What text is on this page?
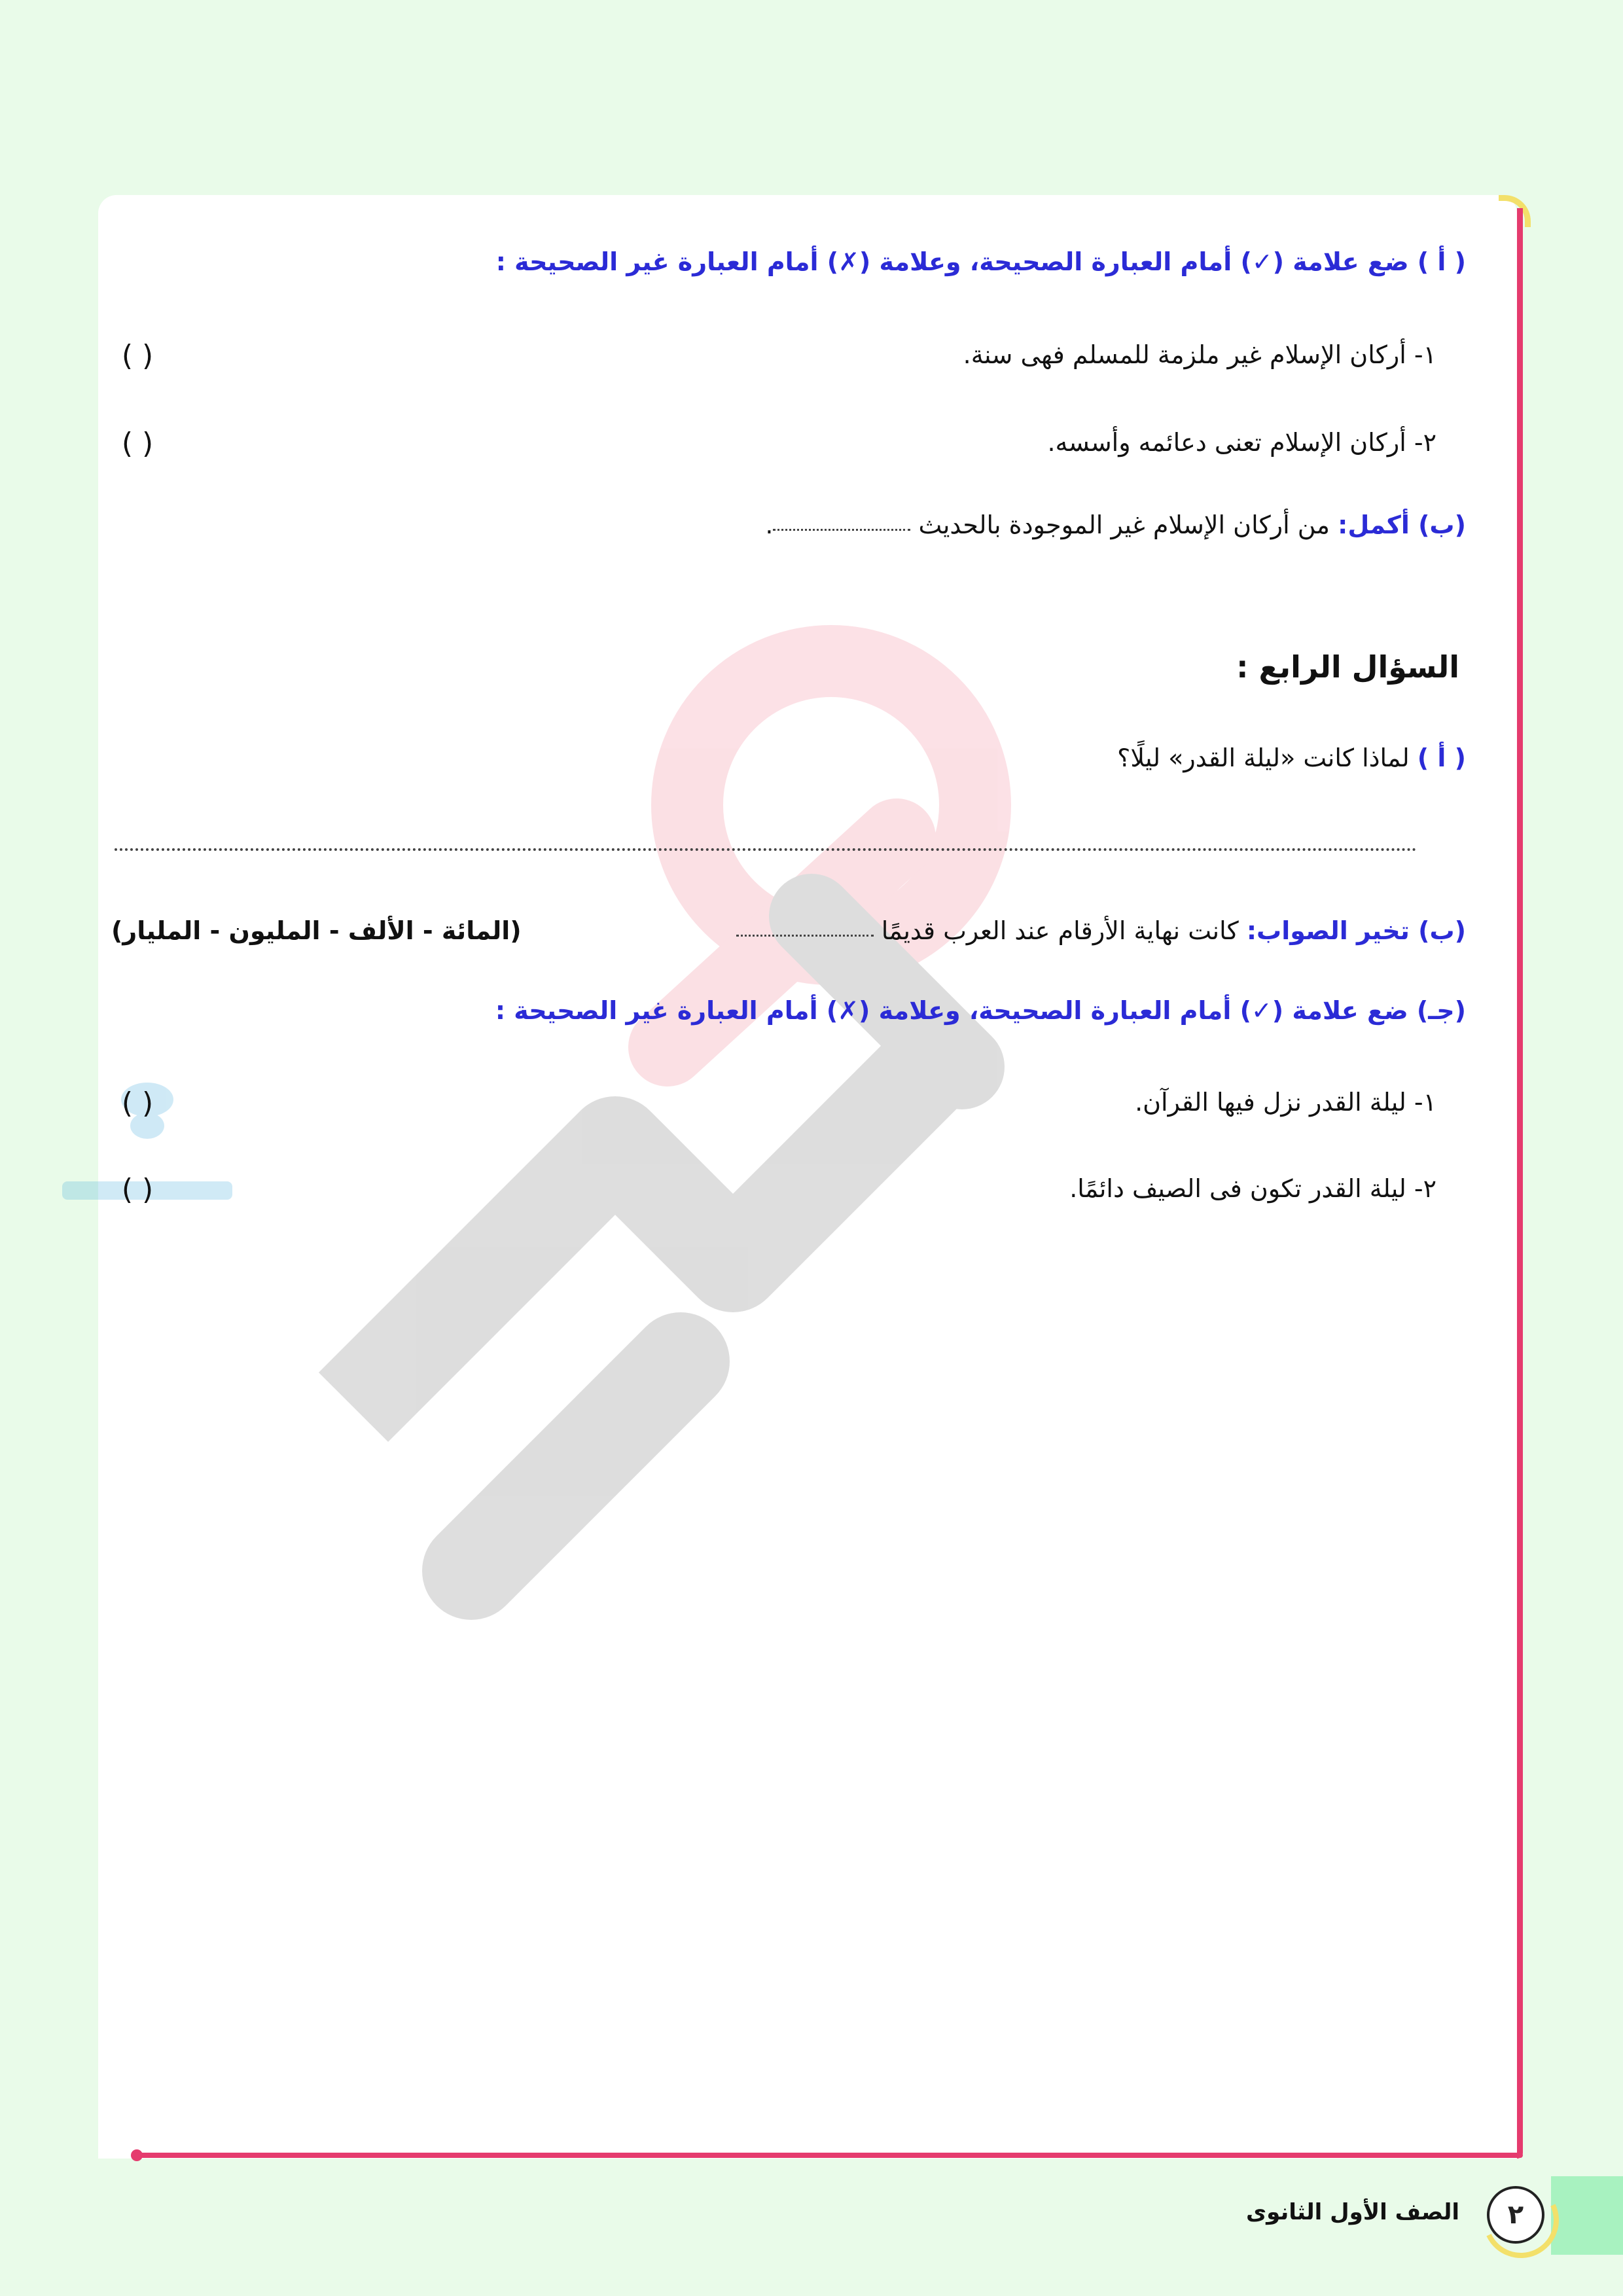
( أ ) ضع علامة (✓) أمام العبارة الصحيحة، وعلامة (✗) أمام العبارة غير الصحيحة :
١- أركان الإسلام غير ملزمة للمسلم فهى سنة.
( )
٢- أركان الإسلام تعنى دعائمه وأسسه.
( )
(ب) أكمل: من أركان الإسلام غير الموجودة بالحديث .
السؤال الرابع :
( أ ) لماذا كانت «ليلة القدر» ليلًا؟
(ب) تخير الصواب: كانت نهاية الأرقام عند العرب قديمًا
(المائة - الألف - المليون - المليار)
(جـ) ضع علامة (✓) أمام العبارة الصحيحة، وعلامة (✗) أمام العبارة غير الصحيحة :
١- ليلة القدر نزل فيها القرآن.
( )
٢- ليلة القدر تكون فى الصيف دائمًا.
( )
٢
الصف الأول الثانوى
